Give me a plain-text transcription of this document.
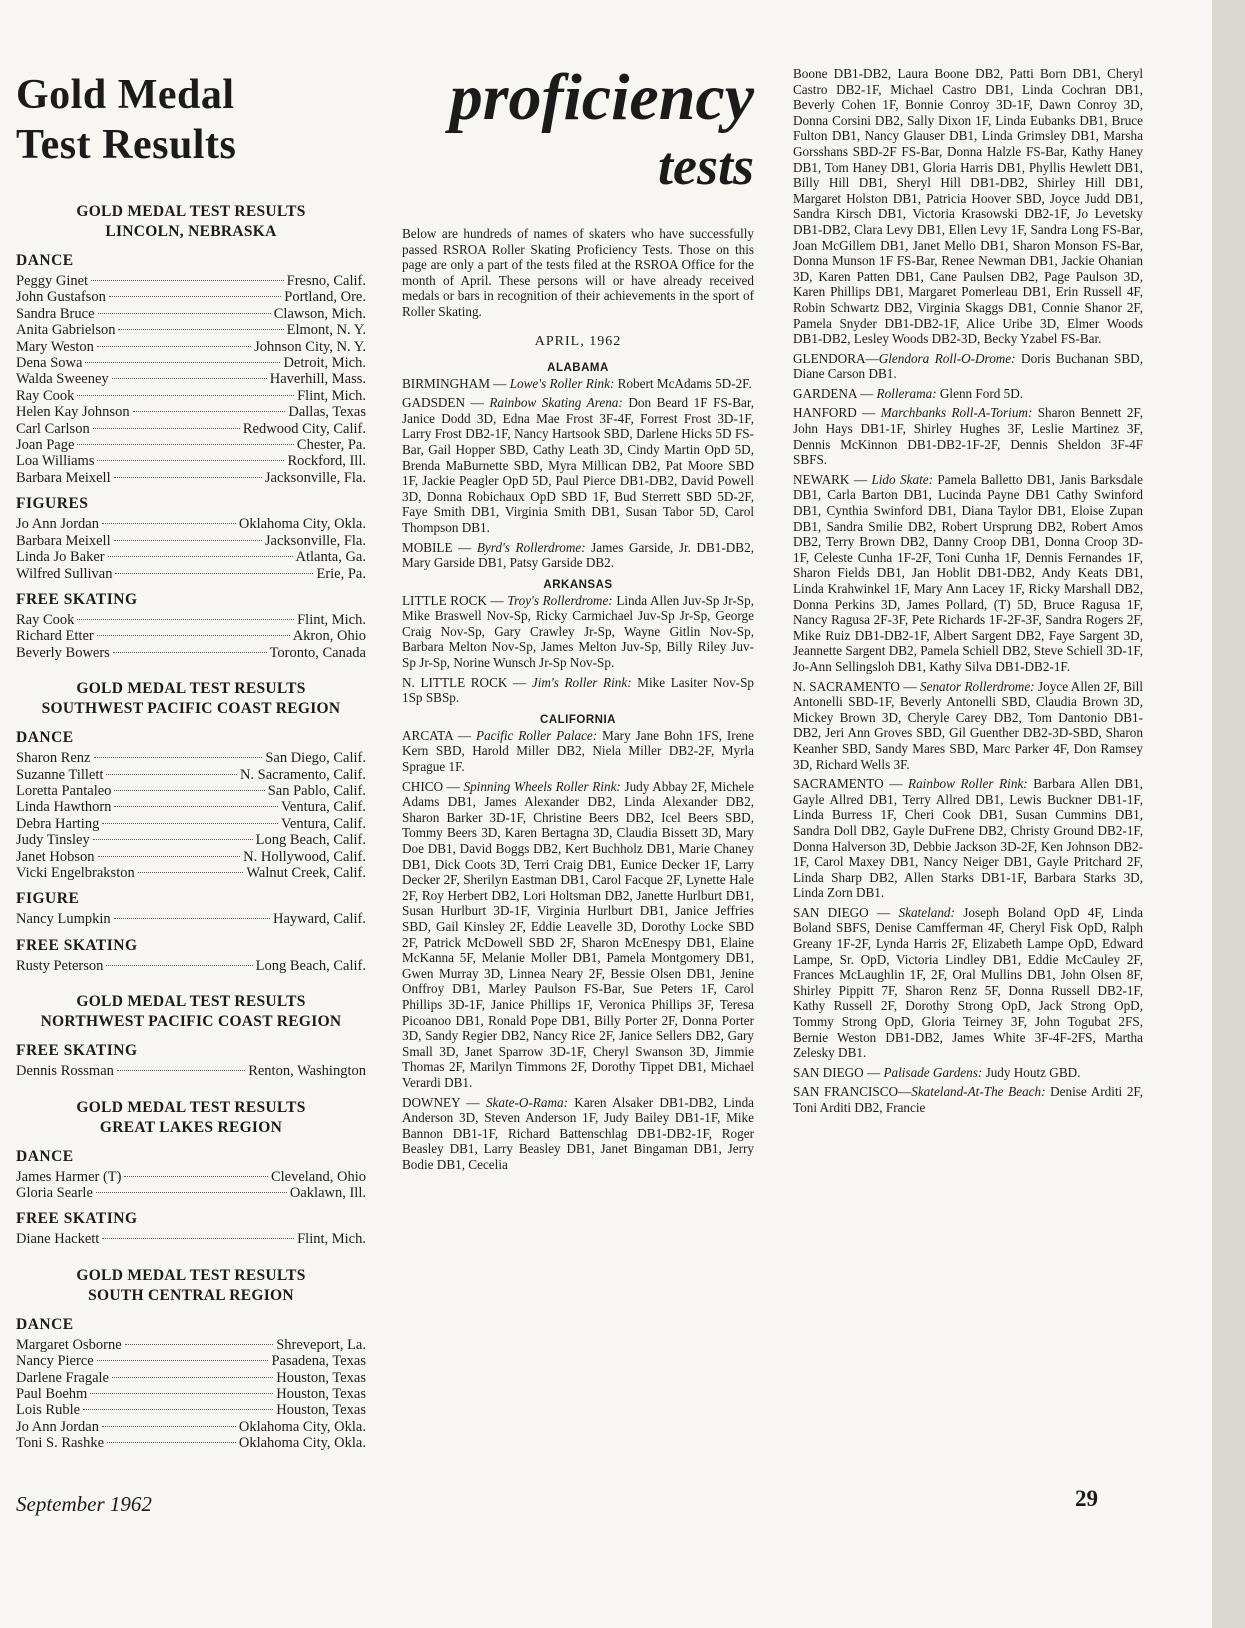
Gold Medal
Test Results
GOLD MEDAL TEST RESULTS
LINCOLN, NEBRASKA
DANCE
Peggy Ginet	Fresno, Calif.
John Gustafson	Portland, Ore.
Sandra Bruce	Clawson, Mich.
Anita Gabrielson	Elmont, N. Y.
Mary Weston	Johnson City, N. Y.
Dena Sowa	Detroit, Mich.
Walda Sweeney	Haverhill, Mass.
Ray Cook	Flint, Mich.
Helen Kay Johnson	Dallas, Texas
Carl Carlson	Redwood City, Calif.
Joan Page	Chester, Pa.
Loa Williams	Rockford, Ill.
Barbara Meixell	Jacksonville, Fla.
FIGURES
Jo Ann Jordan	Oklahoma City, Okla.
Barbara Meixell	Jacksonville, Fla.
Linda Jo Baker	Atlanta, Ga.
Wilfred Sullivan	Erie, Pa.
FREE SKATING
Ray Cook	Flint, Mich.
Richard Etter	Akron, Ohio
Beverly Bowers	Toronto, Canada
GOLD MEDAL TEST RESULTS
SOUTHWEST PACIFIC COAST REGION
DANCE
Sharon Renz	San Diego, Calif.
Suzanne Tillett	N. Sacramento, Calif.
Loretta Pantaleo	San Pablo, Calif.
Linda Hawthorn	Ventura, Calif.
Debra Harting	Ventura, Calif.
Judy Tinsley	Long Beach, Calif.
Janet Hobson	N. Hollywood, Calif.
Vicki Engelbrakston	Walnut Creek, Calif.
FIGURE
Nancy Lumpkin	Hayward, Calif.
FREE SKATING
Rusty Peterson	Long Beach, Calif.
GOLD MEDAL TEST RESULTS
NORTHWEST PACIFIC COAST REGION
FREE SKATING
Dennis Rossman	Renton, Washington
GOLD MEDAL TEST RESULTS
GREAT LAKES REGION
DANCE
James Harmer (T)	Cleveland, Ohio
Gloria Searle	Oaklawn, Ill.
FREE SKATING
Diane Hackett	Flint, Mich.
GOLD MEDAL TEST RESULTS
SOUTH CENTRAL REGION
DANCE
Margaret Osborne	Shreveport, La.
Nancy Pierce	Pasadena, Texas
Darlene Fragale	Houston, Texas
Paul Boehm	Houston, Texas
Lois Ruble	Houston, Texas
Jo Ann Jordan	Oklahoma City, Okla.
Toni S. Rashke	Oklahoma City, Okla.
proficiency
tests

Below are hundreds of names of skaters who have successfully passed RSROA Roller Skating Proficiency Tests. Those on this page are only a part of the tests filed at the RSROA Office for the month of April. These persons will or have already received medals or bars in recognition of their achievements in the sport of Roller Skating.

APRIL, 1962
ALABAMA

BIRMINGHAM — Lowe's Roller Rink: Robert McAdams 5D-2F.

GADSDEN — Rainbow Skating Arena: Don Beard 1F FS-Bar, Janice Dodd 3D, Edna Mae Frost 3F-4F, Forrest Frost 3D-1F, Larry Frost DB2-1F, Nancy Hartsook SBD, Darlene Hicks 5D FS-Bar, Gail Hopper SBD, Cathy Leath 3D, Cindy Martin OpD 5D, Brenda MaBurnette SBD, Myra Millican DB2, Pat Moore SBD 1F, Jackie Peagler OpD 5D, Paul Pierce DB1-DB2, David Powell 3D, Donna Robichaux OpD SBD 1F, Bud Sterrett SBD 5D-2F, Faye Smith DB1, Virginia Smith DB1, Susan Tabor 5D, Carol Thompson DB1.

MOBILE — Byrd's Rollerdrome: James Garside, Jr. DB1-DB2, Mary Garside DB1, Patsy Garside DB2.

ARKANSAS

LITTLE ROCK — Troy's Rollerdrome: Linda Allen Juv-Sp Jr-Sp, Mike Braswell Nov-Sp, Ricky Carmichael Juv-Sp Jr-Sp, George Craig Nov-Sp, Gary Crawley Jr-Sp, Wayne Gitlin Nov-Sp, Barbara Melton Nov-Sp, James Melton Juv-Sp, Billy Riley Juv-Sp Jr-Sp, Norine Wunsch Jr-Sp Nov-Sp.

N. LITTLE ROCK — Jim's Roller Rink: Mike Lasiter Nov-Sp 1Sp SBSp.

CALIFORNIA

ARCATA — Pacific Roller Palace: Mary Jane Bohn 1FS, Irene Kern SBD, Harold Miller DB2, Niela Miller DB2-2F, Myrla Sprague 1F.

CHICO — Spinning Wheels Roller Rink: Judy Abbay 2F, Michele Adams DB1, James Alexander DB2, Linda Alexander DB2, Sharon Barker 3D-1F, Christine Beers DB2, Icel Beers SBD, Tommy Beers 3D, Karen Bertagna 3D, Claudia Bissett 3D, Mary Doe DB1, David Boggs DB2, Kert Buchholz DB1, Marie Chaney DB1, Dick Coots 3D, Terri Craig DB1, Eunice Decker 1F, Larry Decker 2F, Sherilyn Eastman DB1, Carol Facque 2F, Lynette Hale 2F, Roy Herbert DB2, Lori Holtsman DB2, Janette Hurlburt DB1, Susan Hurlburt 3D-1F, Virginia Hurlburt DB1, Janice Jeffries SBD, Gail Kinsley 2F, Eddie Leavelle 3D, Dorothy Locke SBD 2F, Patrick McDowell SBD 2F, Sharon McEnespy DB1, Elaine McKanna 5F, Melanie Moller DB1, Pamela Montgomery DB1, Gwen Murray 3D, Linnea Neary 2F, Bessie Olsen DB1, Jenine Onffroy DB1, Marley Paulson FS-Bar, Sue Peters 1F, Carol Phillips 3D-1F, Janice Phillips 1F, Veronica Phillips 3F, Teresa Picoanoo DB1, Ronald Pope DB1, Billy Porter 2F, Donna Porter 3D, Sandy Regier DB2, Nancy Rice 2F, Janice Sellers DB2, Gary Small 3D, Janet Sparrow 3D-1F, Cheryl Swanson 3D, Jimmie Thomas 2F, Marilyn Timmons 2F, Dorothy Tippet DB1, Michael Verardi DB1.

DOWNEY — Skate-O-Rama: Karen Alsaker DB1-DB2, Linda Anderson 3D, Steven Anderson 1F, Judy Bailey DB1-1F, Mike Bannon DB1-1F, Richard Battenschlag DB1-DB2-1F, Roger Beasley DB1, Larry Beasley DB1, Janet Bingaman DB1, Jerry Bodie DB1, Cecelia

Boone DB1-DB2, Laura Boone DB2, Patti Born DB1, Cheryl Castro DB2-1F, Michael Castro DB1, Linda Cochran DB1, Beverly Cohen 1F, Bonnie Conroy 3D-1F, Dawn Conroy 3D, Donna Corsini DB2, Sally Dixon 1F, Linda Eubanks DB1, Bruce Fulton DB1, Nancy Glauser DB1, Linda Grimsley DB1, Marsha Gorsshans SBD-2F FS-Bar, Donna Halzle FS-Bar, Kathy Haney DB1, Tom Haney DB1, Gloria Harris DB1, Phyllis Hewlett DB1, Billy Hill DB1, Sheryl Hill DB1-DB2, Shirley Hill DB1, Margaret Holston DB1, Patricia Hoover SBD, Joyce Judd DB1, Sandra Kirsch DB1, Victoria Krasowski DB2-1F, Jo Levetsky DB1-DB2, Clara Levy DB1, Ellen Levy 1F, Sandra Long FS-Bar, Joan McGillem DB1, Janet Mello DB1, Sharon Monson FS-Bar, Donna Munson 1F FS-Bar, Renee Newman DB1, Jackie Ohanian 3D, Karen Patten DB1, Cane Paulsen DB2, Page Paulson 3D, Karen Phillips DB1, Margaret Pomerleau DB1, Erin Russell 4F, Robin Schwartz DB2, Virginia Skaggs DB1, Connie Shanor 2F, Pamela Snyder DB1-DB2-1F, Alice Uribe 3D, Elmer Woods DB1-DB2, Lesley Woods DB2-3D, Becky Yzabel FS-Bar.

GLENDORA—Glendora Roll-O-Drome: Doris Buchanan SBD, Diane Carson DB1.

GARDENA — Rollerama: Glenn Ford 5D.

HANFORD — Marchbanks Roll-A-Torium: Sharon Bennett 2F, John Hays DB1-1F, Shirley Hughes 3F, Leslie Martinez 3F, Dennis McKinnon DB1-DB2-1F-2F, Dennis Sheldon 3F-4F SBFS.

NEWARK — Lido Skate: Pamela Balletto DB1, Janis Barksdale DB1, Carla Barton DB1, Lucinda Payne DB1 Cathy Swinford DB1, Cynthia Swinford DB1, Diana Taylor DB1, Eloise Zupan DB1, Sandra Smilie DB2, Robert Ursprung DB2, Robert Amos DB2, Terry Brown DB2, Danny Croop DB1, Donna Croop 3D-1F, Celeste Cunha 1F-2F, Toni Cunha 1F, Dennis Fernandes 1F, Sharon Fields DB1, Jan Hoblit DB1-DB2, Andy Keats DB1, Linda Krahwinkel 1F, Mary Ann Lacey 1F, Ricky Marshall DB2, Donna Perkins 3D, James Pollard, (T) 5D, Bruce Ragusa 1F, Nancy Ragusa 2F-3F, Pete Richards 1F-2F-3F, Sandra Rogers 2F, Mike Ruiz DB1-DB2-1F, Albert Sargent DB2, Faye Sargent 3D, Jeannette Sargent DB2, Pamela Schiell DB2, Steve Schiell 3D-1F, Jo-Ann Sellingsloh DB1, Kathy Silva DB1-DB2-1F.

N. SACRAMENTO — Senator Rollerdrome: Joyce Allen 2F, Bill Antonelli SBD-1F, Beverly Antonelli SBD, Claudia Brown 3D, Mickey Brown 3D, Cheryle Carey DB2, Tom Dantonio DB1-DB2, Jeri Ann Groves SBD, Gil Guenther DB2-3D-SBD, Sharon Keanher SBD, Sandy Mares SBD, Marc Parker 4F, Don Ramsey 3D, Richard Wells 3F.

SACRAMENTO — Rainbow Roller Rink: Barbara Allen DB1, Gayle Allred DB1, Terry Allred DB1, Lewis Buckner DB1-1F, Linda Burress 1F, Cheri Cook DB1, Susan Cummins DB1, Sandra Doll DB2, Gayle DuFrene DB2, Christy Ground DB2-1F, Donna Halverson 3D, Debbie Jackson 3D-2F, Ken Johnson DB2-1F, Carol Maxey DB1, Nancy Neiger DB1, Gayle Pritchard 2F, Linda Sharp DB2, Allen Starks DB1-1F, Barbara Starks 3D, Linda Zorn DB1.

SAN DIEGO — Skateland: Joseph Boland OpD 4F, Linda Boland SBFS, Denise Camfferman 4F, Cheryl Fisk OpD, Ralph Greany 1F-2F, Lynda Harris 2F, Elizabeth Lampe OpD, Edward Lampe, Sr. OpD, Victoria Lindley DB1, Eddie McCauley 2F, Frances McLaughlin 1F, 2F, Oral Mullins DB1, John Olsen 8F, Shirley Pippitt 7F, Sharon Renz 5F, Donna Russell DB2-1F, Kathy Russell 2F, Dorothy Strong OpD, Jack Strong OpD, Tommy Strong OpD, Gloria Teirney 3F, John Togubat 2FS, Bernie Weston DB1-DB2, James White 3F-4F-2FS, Martha Zelesky DB1.

SAN DIEGO — Palisade Gardens: Judy Houtz GBD.

SAN FRANCISCO—Skateland-At-The Beach: Denise Arditi 2F, Toni Arditi DB2, Francie

September 1962	29
